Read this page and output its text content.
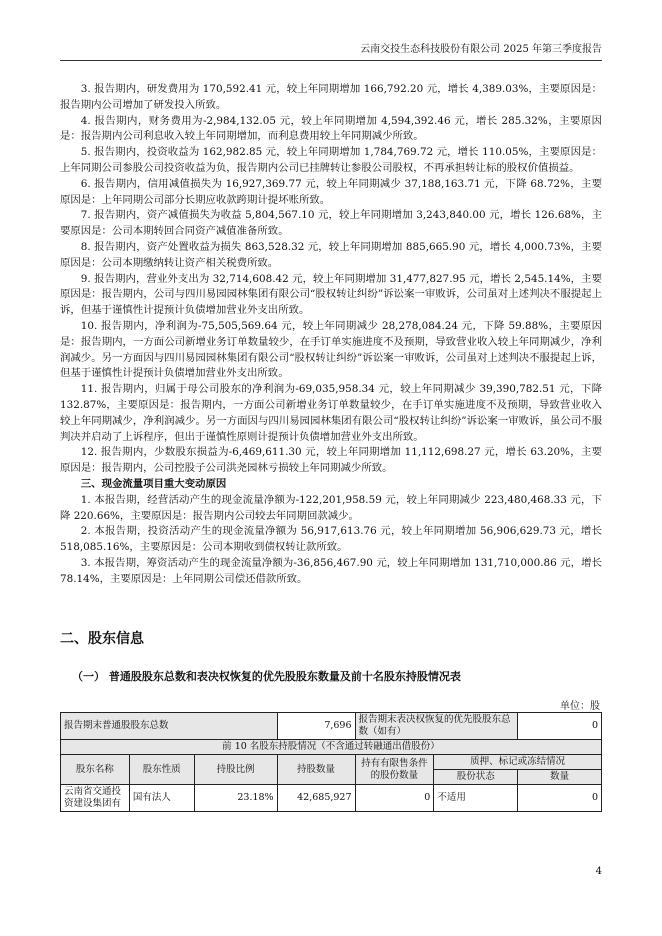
云南交投生态科技股份有限公司 2025 年第三季度报告

3. 报告期内，研发费用为 170,592.41 元，较上年同期增加 166,792.20 元，增长 4,389.03%，主要原因是：报告期内公司增加了研发投入所致。

4. 报告期内，财务费用为-2,984,132.05 元，较上年同期增加 4,594,392.46 元，增长 285.32%，主要原因是：报告期内公司利息收入较上年同期增加，而利息费用较上年同期减少所致。

5. 报告期内，投资收益为 162,982.85 元，较上年同期增加 1,784,769.72 元，增长 110.05%，主要原因是：上年同期公司参股公司投资收益为负，报告期内公司已挂牌转让参股公司股权，不再承担转让标的股权价值损益。

6. 报告期内，信用减值损失为 16,927,369.77 元，较上年同期减少 37,188,163.71 元，下降 68.72%，主要原因是：上年同期公司部分长期应收款跨期计提坏账所致。

7. 报告期内，资产减值损失为收益 5,804,567.10 元，较上年同期增加 3,243,840.00 元，增长 126.68%，主要原因是：公司本期转回合同资产减值准备所致。

8. 报告期内，资产处置收益为损失 863,528.32 元，较上年同期增加 885,665.90 元，增长 4,000.73%，主要原因是：公司本期缴纳转让资产相关税费所致。

9. 报告期内，营业外支出为 32,714,608.42 元，较上年同期增加 31,477,827.95 元，增长 2,545.14%，主要原因是：报告期内，公司与四川易园园林集团有限公司“股权转让纠纷”诉讼案一审败诉，公司虽对上述判决不服提起上诉，但基于谨慎性计提预计负债增加营业外支出所致。

10. 报告期内，净利润为-75,505,569.64 元，较上年同期减少 28,278,084.24 元，下降 59.88%，主要原因是：报告期内，一方面公司新增业务订单数量较少，在手订单实施进度不及预期，导致营业收入较上年同期减少，净利润减少。另一方面因与四川易园园林集团有限公司“股权转让纠纷”诉讼案一审败诉，公司虽对上述判决不服提起上诉，但基于谨慎性计提预计负债增加营业外支出所致。

11. 报告期内，归属于母公司股东的净利润为-69,035,958.34 元，较上年同期减少 39,390,782.51 元，下降 132.87%，主要原因是：报告期内，一方面公司新增业务订单数量较少，在手订单实施进度不及预期，导致营业收入较上年同期减少，净利润减少。另一方面因与四川易园园林集团有限公司“股权转让纠纷”诉讼案一审败诉，虽公司不服判决并启动了上诉程序，但出于谨慎性原则计提预计负债增加营业外支出所致。

12. 报告期内，少数股东损益为-6,469,611.30 元，较上年同期增加 11,112,698.27 元，增长 63.20%，主要原因是：报告期内，公司控股子公司洪尧园林亏损较上年同期减少所致。

三、现金流量项目重大变动原因

1. 本报告期，经营活动产生的现金流量净额为-122,201,958.59 元，较上年同期减少 223,480,468.33 元，下降 220.66%，主要原因是：报告期内公司较去年同期回款减少。

2. 本报告期，投资活动产生的现金流量净额为 56,917,613.76 元，较上年同期增加 56,906,629.73 元，增长 518,085.16%，主要原因是：公司本期收到债权转让款所致。

3. 本报告期，筹资活动产生的现金流量净额为-36,856,467.90 元，较上年同期增加 131,710,000.86 元，增长 78.14%，主要原因是：上年同期公司偿还借款所致。

二、股东信息
（一） 普通股股东总数和表决权恢复的优先股股东数量及前十名股东持股情况表
单位：股
报告期末普通股股东总数			7,696	报告期末表决权恢复的优先股股东总数（如有）		0
前 10 名股东持股情况（不含通过转融通出借股份）						
股东名称	股东性质	持股比例	持股数量	持有有限售条件的股份数量	质押、标记或冻结情况	
					股份状态	数量
云南省交通投资建设集团有	国有法人	23.18%	42,685,927	0	不适用	0
4
